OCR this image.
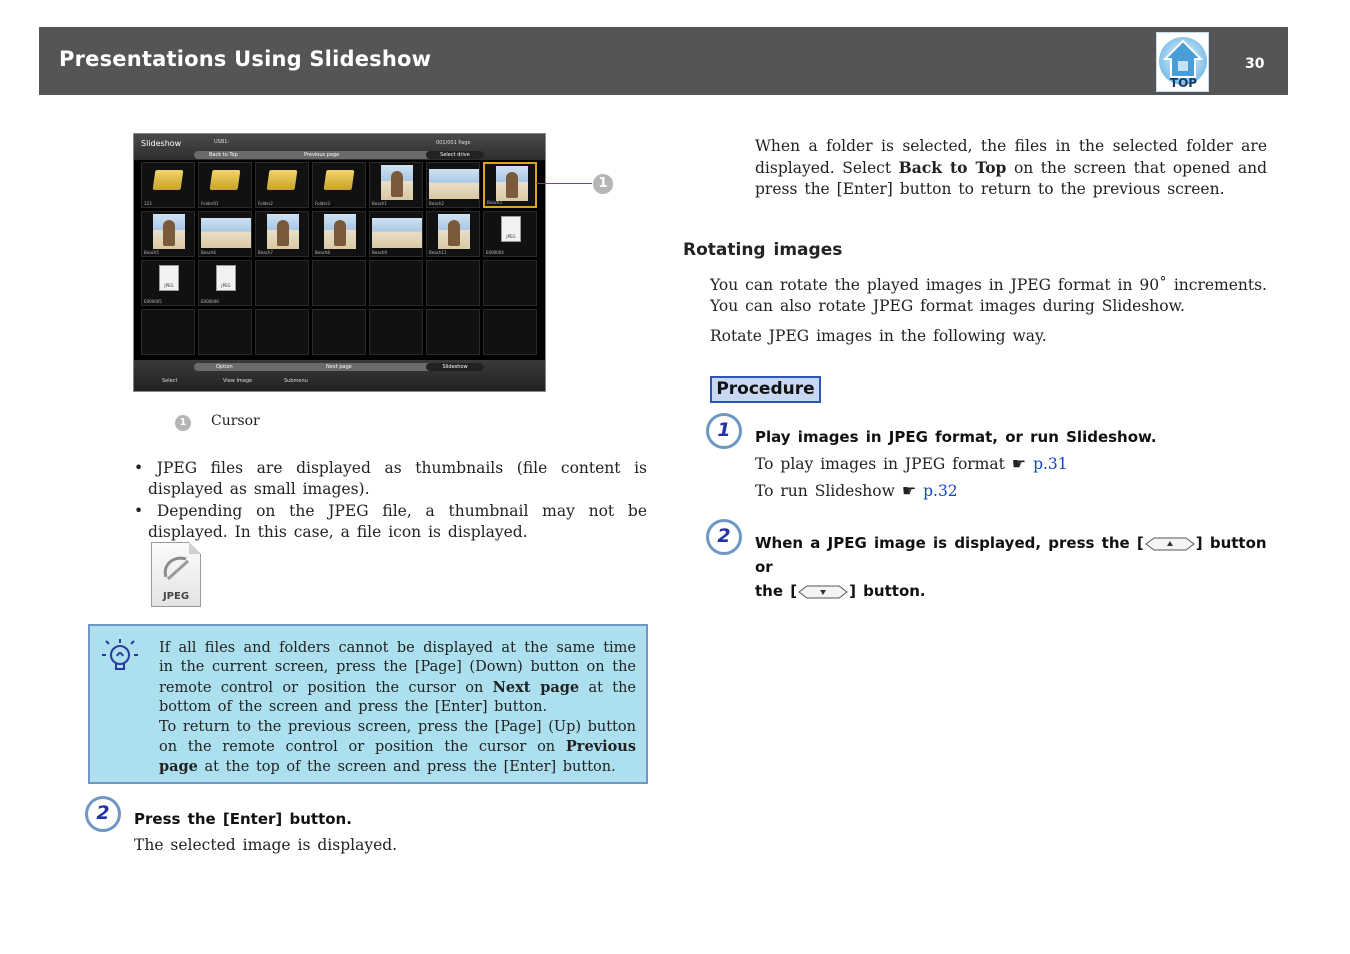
Presentations Using Slideshow
TOP
30
Slideshow	USB1:	001/001 Page
Back to Top	Previous page	Select drive
123	Folder01	Folder2	Folder3	Beach1	Beach2	Beach3
Beach5	Beach6	Beach7	Beach8	Beach9	Beach11
JPEG
E000004
JPEG
E000005
JPEG
E000006
Option	Next page	Slideshow
Select	View Image	Submenu
1
1	Cursor
• JPEG files are displayed as thumbnails (file content is displayed as small images).
• Depending on the JPEG file, a thumbnail may not be displayed. In this case, a file icon is displayed.
JPEG
If all files and folders cannot be displayed at the same time in the current screen, press the [Page] (Down) button on the remote control or position the cursor on Next page at the bottom of the screen and press the [Enter] button.
To return to the previous screen, press the [Page] (Up) button on the remote control or position the cursor on Previous page at the top of the screen and press the [Enter] button.
2	Press the [Enter] button.
The selected image is displayed.
When a folder is selected, the files in the selected folder are displayed. Select Back to Top on the screen that opened and press the [Enter] button to return to the previous screen.
Rotating images
You can rotate the played images in JPEG format in 90˚ increments. You can also rotate JPEG format images during Slideshow.
Rotate JPEG images in the following way.
Procedure
1	Play images in JPEG format, or run Slideshow.
To play images in JPEG format ☛ p.31
To run Slideshow ☛ p.32
2	When a JPEG image is displayed, press the [	] button or
the [	] button.
